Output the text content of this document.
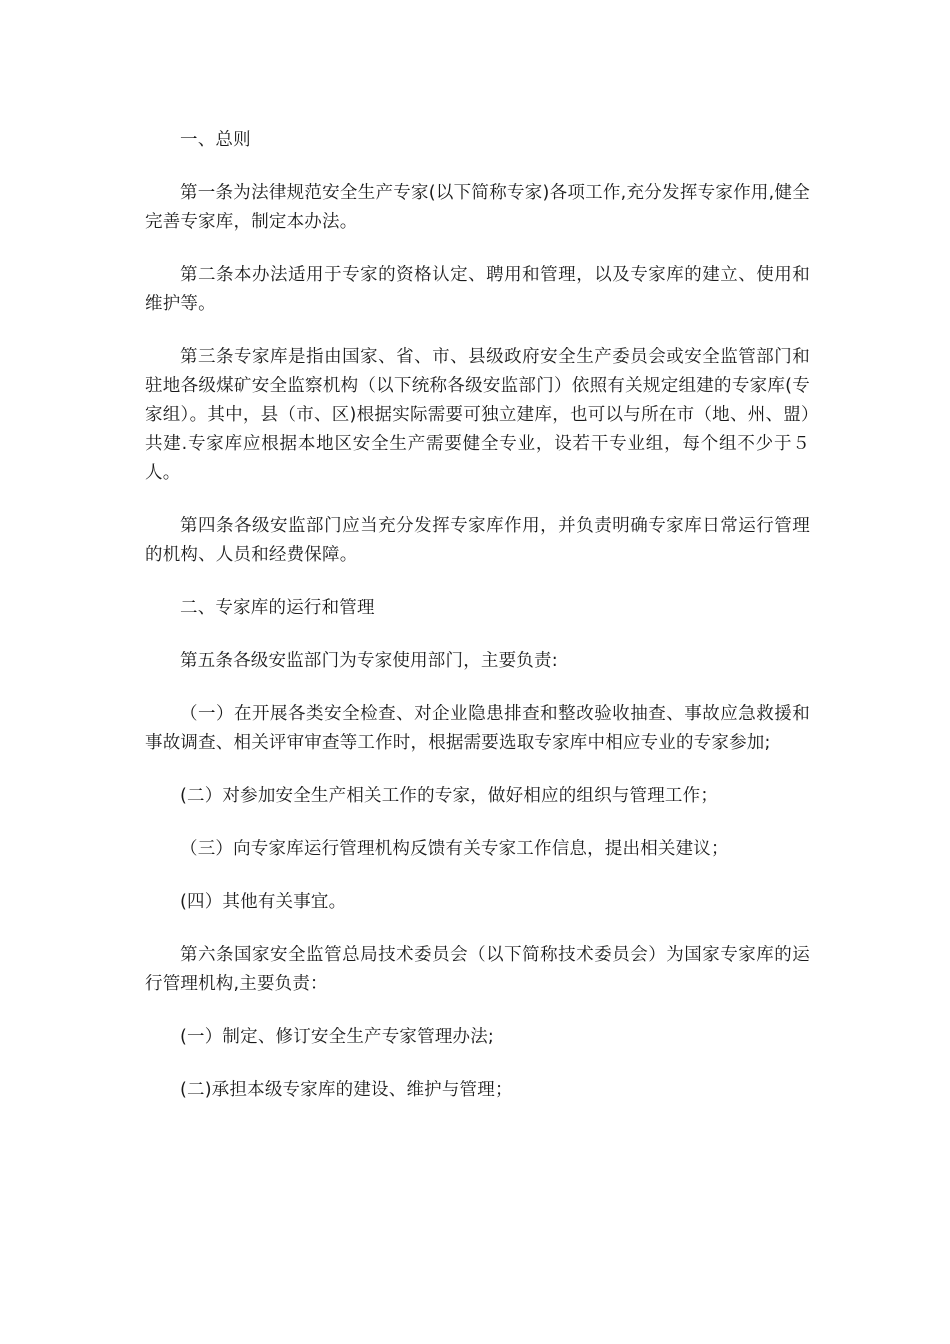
一、总则

第一条为法律规范安全生产专家(以下简称专家)各项工作,充分发挥专家作用,健全完善专家库，制定本办法。

第二条本办法适用于专家的资格认定、聘用和管理，以及专家库的建立、使用和维护等。

第三条专家库是指由国家、省、市、县级政府安全生产委员会或安全监管部门和驻地各级煤矿安全监察机构（以下统称各级安监部门）依照有关规定组建的专家库(专家组）。其中，县（市、区)根据实际需要可独立建库，也可以与所在市（地、州、盟）共建.专家库应根据本地区安全生产需要健全专业，设若干专业组，每个组不少于５人。

第四条各级安监部门应当充分发挥专家库作用，并负责明确专家库日常运行管理的机构、人员和经费保障。

二、专家库的运行和管理

第五条各级安监部门为专家使用部门，主要负责:

（一）在开展各类安全检查、对企业隐患排查和整改验收抽查、事故应急救援和事故调查、相关评审审查等工作时，根据需要选取专家库中相应专业的专家参加;

(二）对参加安全生产相关工作的专家，做好相应的组织与管理工作；

（三）向专家库运行管理机构反馈有关专家工作信息，提出相关建议；

(四）其他有关事宜。

第六条国家安全监管总局技术委员会（以下简称技术委员会）为国家专家库的运行管理机构,主要负责：

(一）制定、修订安全生产专家管理办法;

(二)承担本级专家库的建设、维护与管理；
